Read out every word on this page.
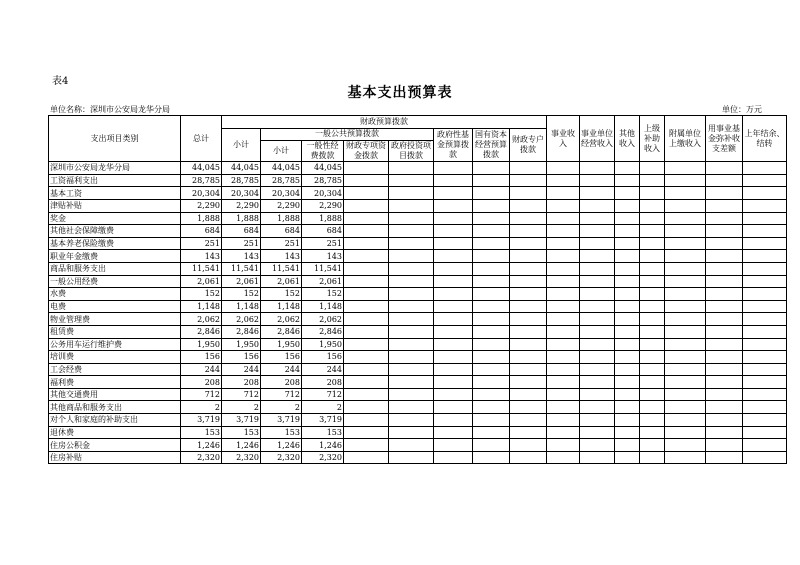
表4
基本支出预算表
单位名称：深圳市公安局龙华分局	单位：万元
支出项目类别	总计	财政预算拨款								事业收入	事业单位经营收入	其他收入	上级补助收入	附属单位上缴收入	用事业基金弥补收支差额	上年结余、结转
		小计	一般公共预算拨款				政府性基金预算拨款	国有资本经营预算拨款	财政专户拨款							
			小计	一般性经费拨款	财政专项资金拨款	政府投资项目拨款										
深圳市公安局龙华分局	44,045	44,045	44,045	44,045												
工资福利支出	28,785	28,785	28,785	28,785												
基本工资	20,304	20,304	20,304	20,304												
津贴补贴	2,290	2,290	2,290	2,290												
奖金	1,888	1,888	1,888	1,888												
其他社会保障缴费	684	684	684	684												
基本养老保险缴费	251	251	251	251												
职业年金缴费	143	143	143	143												
商品和服务支出	11,541	11,541	11,541	11,541												
一般公用经费	2,061	2,061	2,061	2,061												
水费	152	152	152	152												
电费	1,148	1,148	1,148	1,148												
物业管理费	2,062	2,062	2,062	2,062												
租赁费	2,846	2,846	2,846	2,846												
公务用车运行维护费	1,950	1,950	1,950	1,950												
培训费	156	156	156	156												
工会经费	244	244	244	244												
福利费	208	208	208	208												
其他交通费用	712	712	712	712												
其他商品和服务支出	2	2	2	2												
对个人和家庭的补助支出	3,719	3,719	3,719	3,719												
退休费	153	153	153	153												
住房公积金	1,246	1,246	1,246	1,246												
住房补贴	2,320	2,320	2,320	2,320												
